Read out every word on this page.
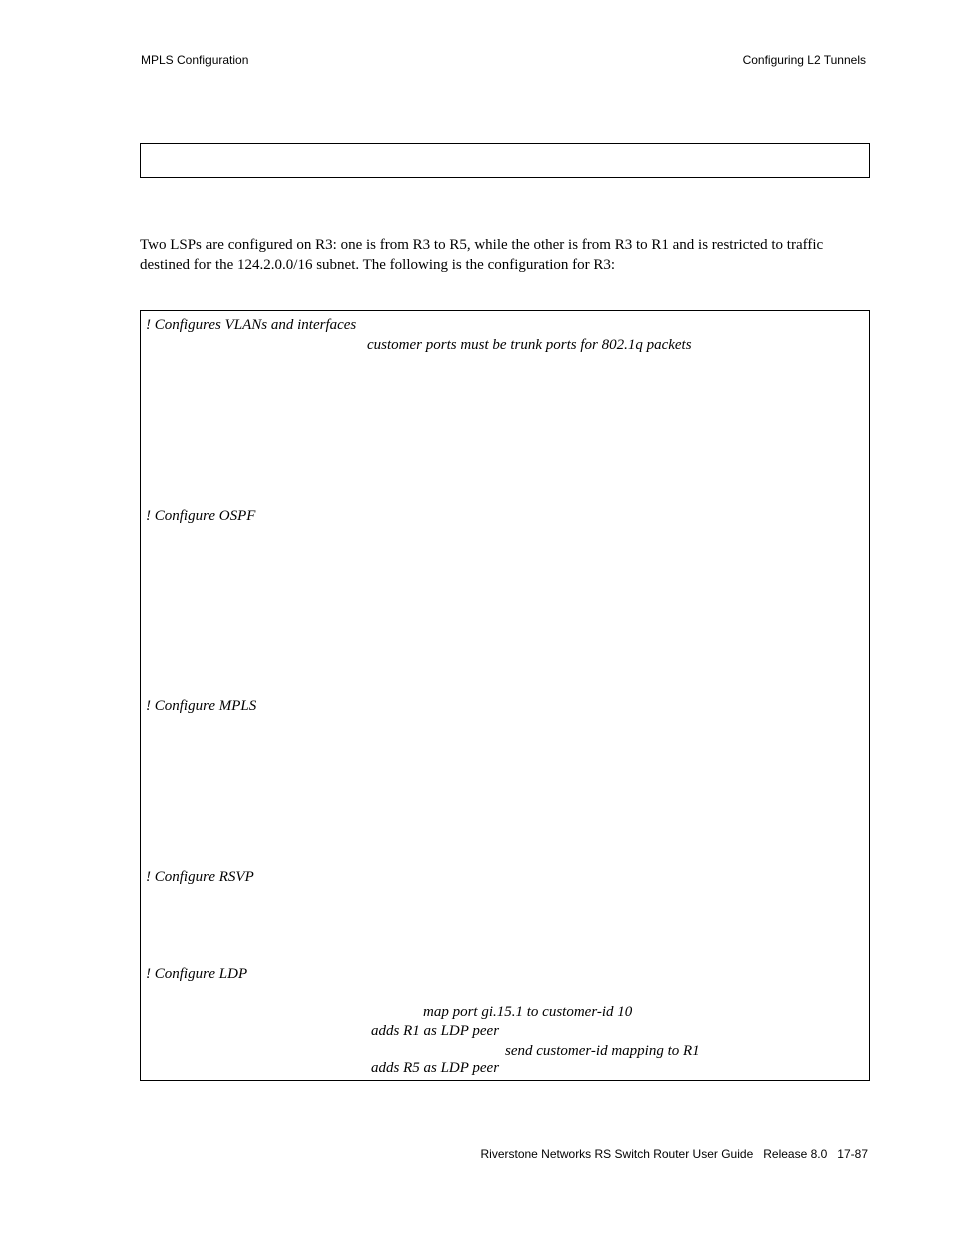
MPLS Configuration	Configuring L2 Tunnels

Two LSPs are configured on R3: one is from R3 to R5, while the other is from R3 to R1 and is restricted to traffic

destined for the 124.2.0.0/16 subnet. The following is the configuration for R3:

! Configures VLANs and interfaces
customer ports must be trunk ports for 802.1q packets
! Configure OSPF
! Configure MPLS
! Configure RSVP
! Configure LDP
map port gi.15.1 to customer-id 10
adds R1 as LDP peer
send customer-id mapping to R1
adds R5 as LDP peer
Riverstone Networks RS Switch Router User Guide Release 8.0 17-87
